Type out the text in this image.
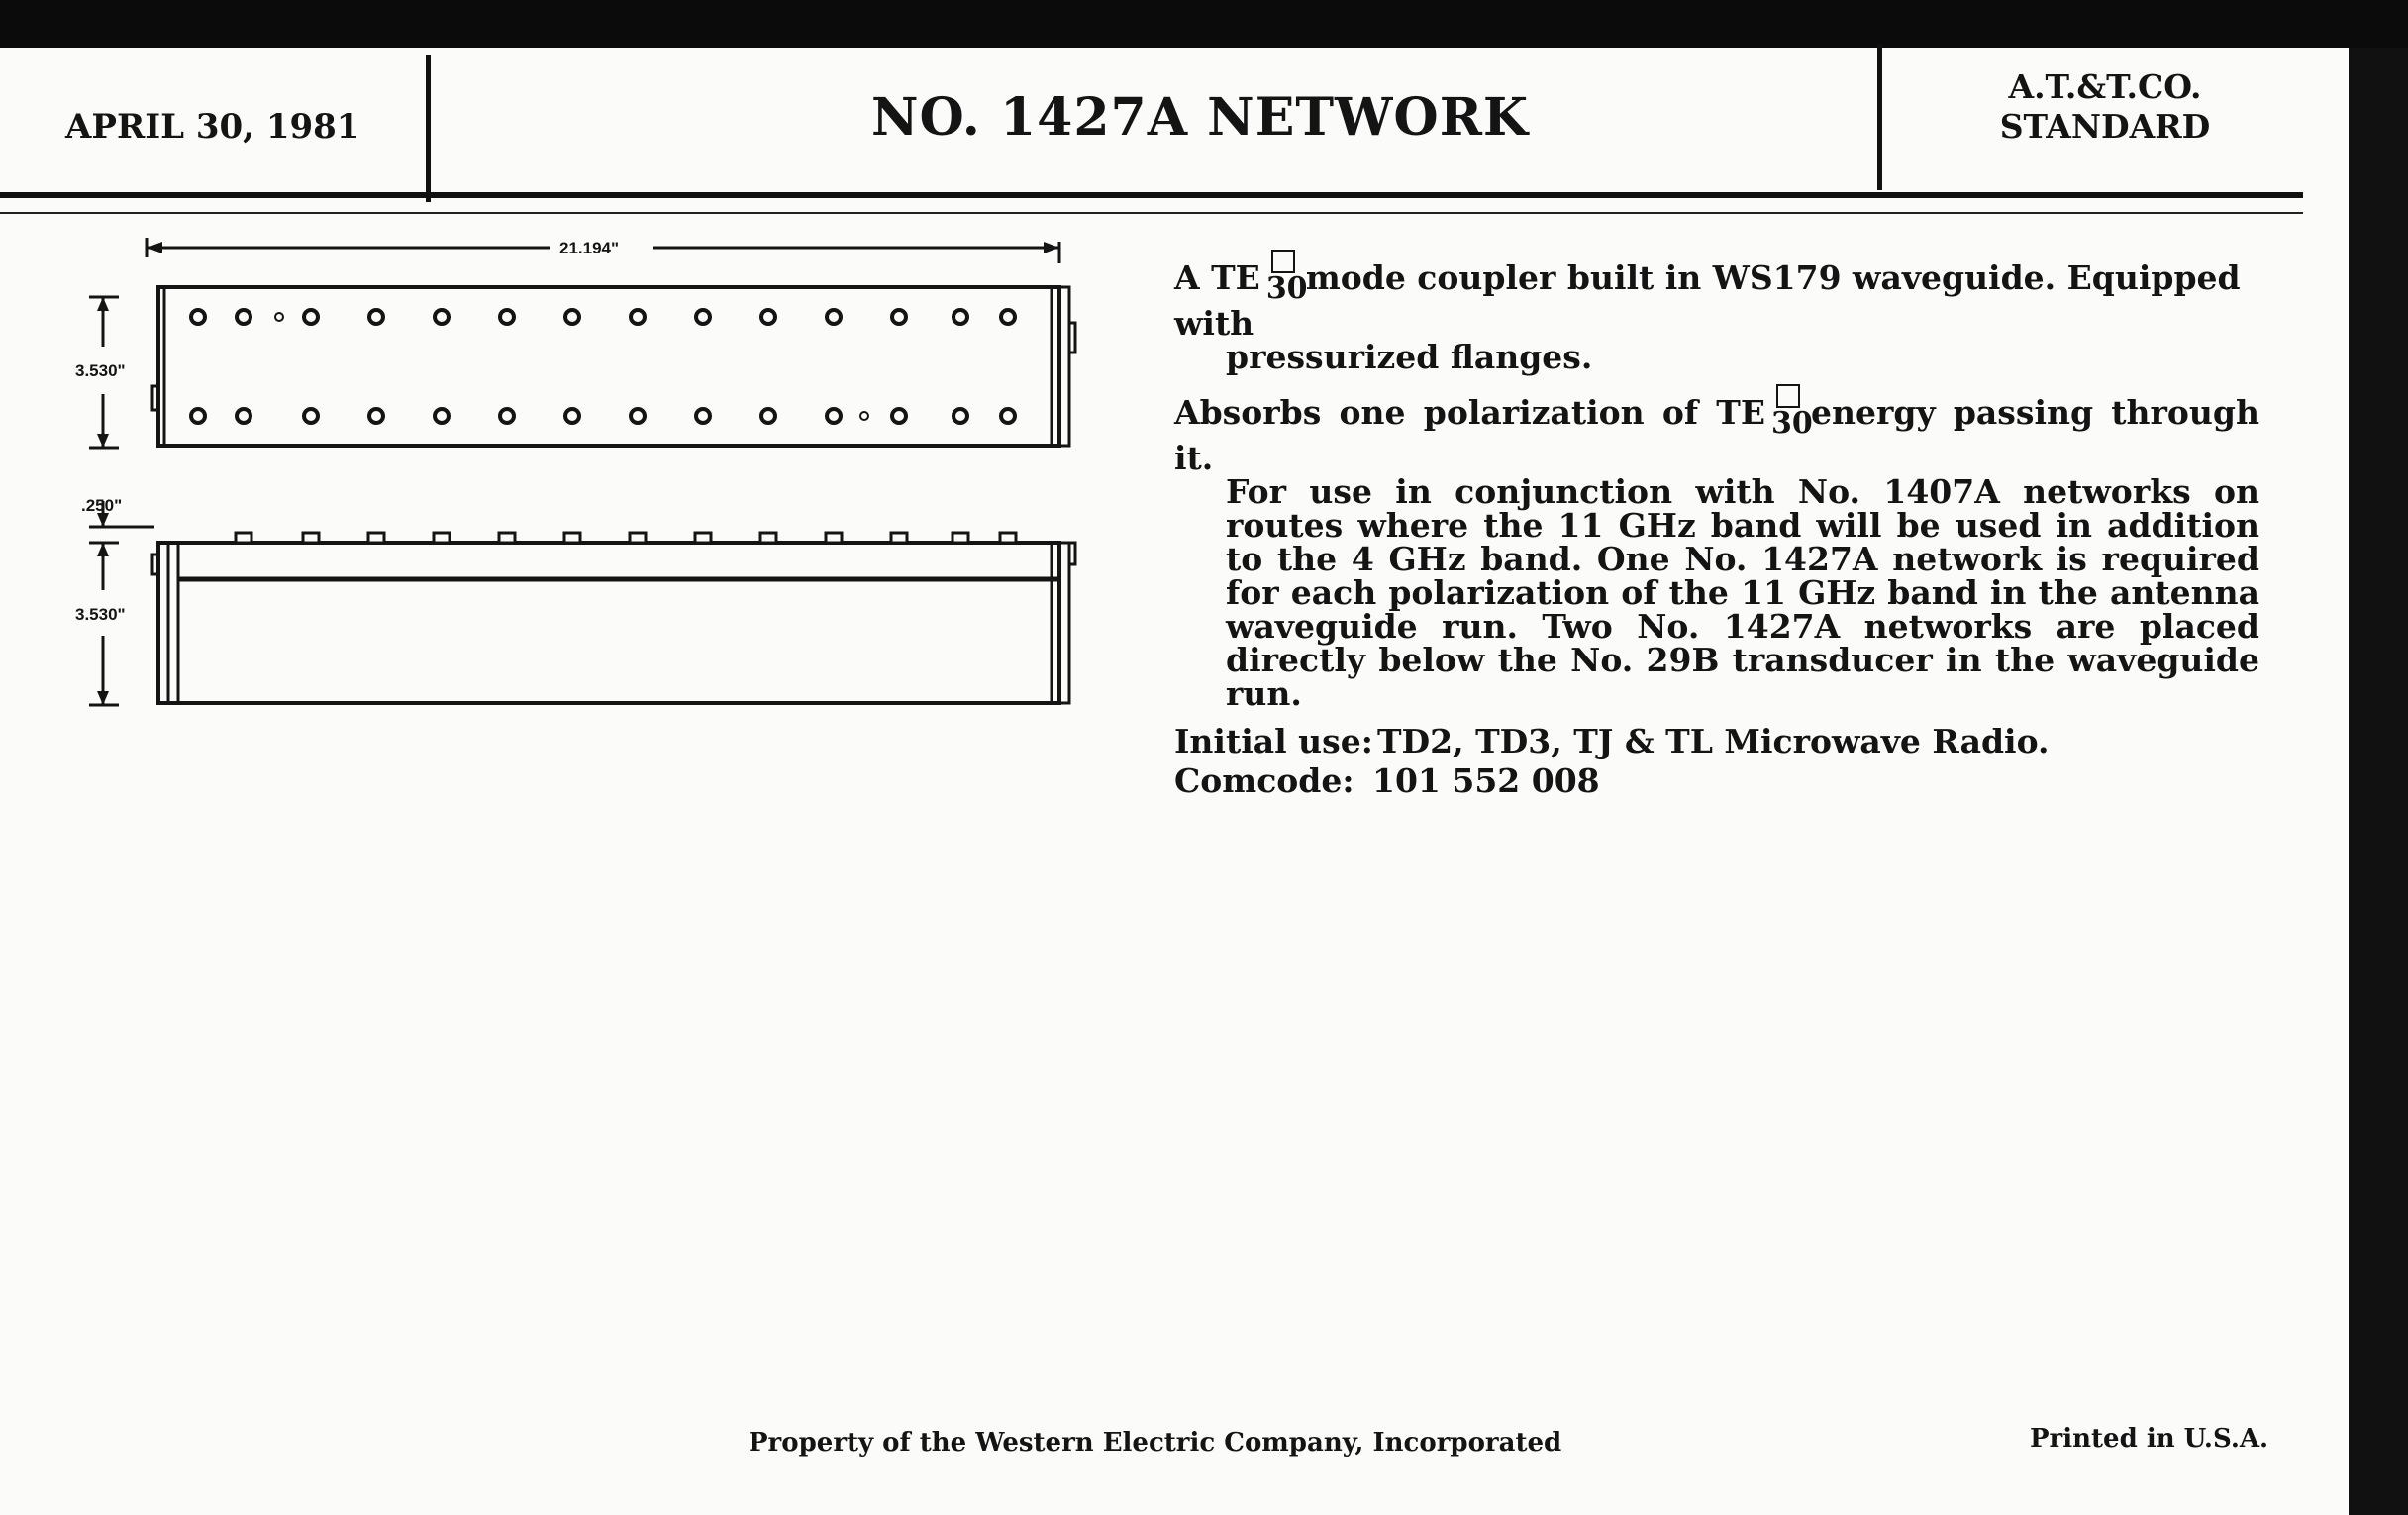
APRIL 30, 1981	NO. 1427A NETWORK
A.T.&T.CO.
STANDARD
21.194"
3.530"
.250"
3.530"
A TE 30
mode coupler built in WS179 waveguide. Equipped with
pressurized flanges.
Absorbs one polarization of TE 30
energy passing through it.
For use in conjunction with No. 1407A networks on routes where the 11 GHz band will be used in addition to the 4 GHz band. One No. 1427A network is required for each polarization of the 11 GHz band in the antenna waveguide run. Two No. 1427A networks are placed directly below the No. 29B transducer in the waveguide run.
Initial use: TD2, TD3, TJ & TL Microwave Radio.
Comcode: 101 552 008
Property of the Western Electric Company, Incorporated	Printed in U.S.A.
